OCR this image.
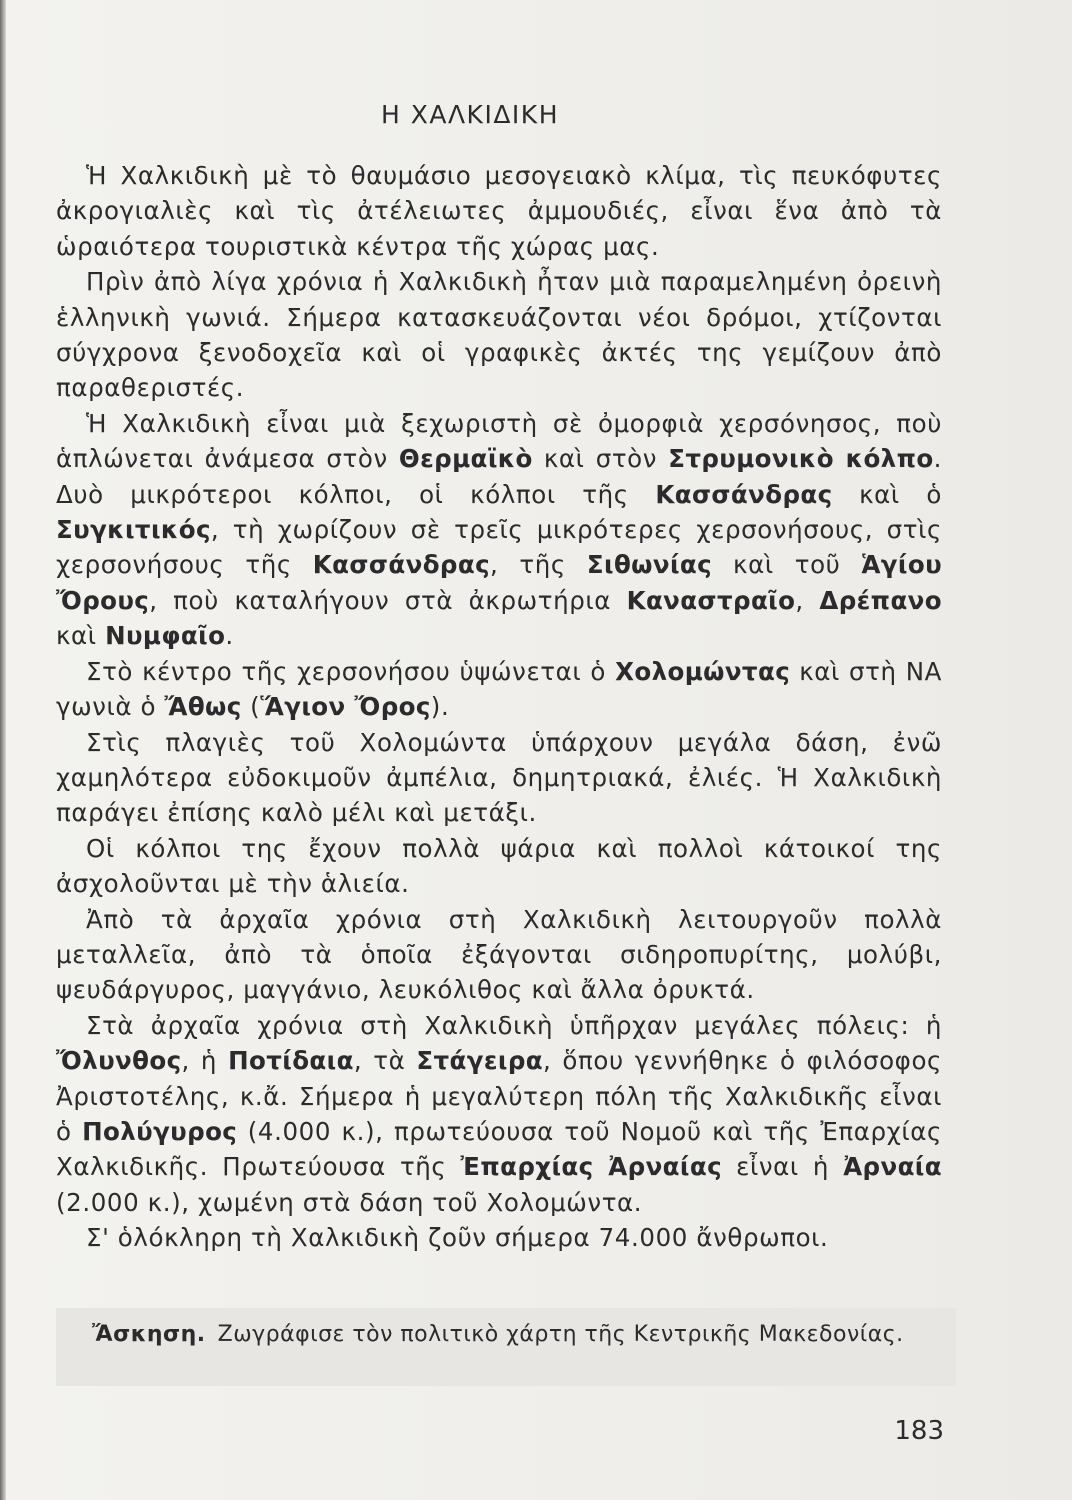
Η ΧΑΛΚΙΔΙΚΗ

Ἡ Χαλκιδικὴ μὲ τὸ θαυμάσιο μεσογειακὸ κλίμα, τὶς πευκόφυτες ἀκρογιαλιὲς καὶ τὶς ἀτέλειωτες ἀμμουδιές, εἶναι ἕνα ἀπὸ τὰ ὡραιότερα τουριστικὰ κέντρα τῆς χώρας μας.

Πρὶν ἀπὸ λίγα χρόνια ἡ Χαλκιδικὴ ἦταν μιὰ παραμελημένη ὀρεινὴ ἑλληνικὴ γωνιά. Σήμερα κατασκευάζονται νέοι δρόμοι, χτίζονται σύγχρονα ξενοδοχεῖα καὶ οἱ γραφικὲς ἀκτές της γεμίζουν ἀπὸ παραθεριστές.

Ἡ Χαλκιδικὴ εἶναι μιὰ ξεχωριστὴ σὲ ὀμορφιὰ χερσόνησος, ποὺ ἁπλώνεται ἀνάμεσα στὸν Θερμαϊκὸ καὶ στὸν Στρυμονικὸ κόλπο. Δυὸ μικρότεροι κόλποι, οἱ κόλποι τῆς Κασσάνδρας καὶ ὁ Συγκιτικός, τὴ χωρίζουν σὲ τρεῖς μικρότερες χερσονήσους, στὶς χερσονήσους τῆς Κασσάνδρας, τῆς Σιθωνίας καὶ τοῦ Ἁγίου Ὄρους, ποὺ καταλήγουν στὰ ἀκρωτήρια Καναστραῖο, Δρέπανο καὶ Νυμφαῖο.

Στὸ κέντρο τῆς χερσονήσου ὑψώνεται ὁ Χολομώντας καὶ στὴ ΝΑ γωνιὰ ὁ Ἄθως (Ἅγιον Ὄρος).

Στὶς πλαγιὲς τοῦ Χολομώντα ὑπάρχουν μεγάλα δάση, ἐνῶ χαμηλότερα εὐδοκιμοῦν ἀμπέλια, δημητριακά, ἐλιές. Ἡ Χαλκιδικὴ παράγει ἐπίσης καλὸ μέλι καὶ μετάξι.

Οἱ κόλποι της ἔχουν πολλὰ ψάρια καὶ πολλοὶ κάτοικοί της ἀσχολοῦνται μὲ τὴν ἁλιεία.

Ἀπὸ τὰ ἀρχαῖα χρόνια στὴ Χαλκιδικὴ λειτουργοῦν πολλὰ μεταλλεῖα, ἀπὸ τὰ ὁποῖα ἐξάγονται σιδηροπυρίτης, μολύβι, ψευδάργυρος, μαγγάνιο, λευκόλιθος καὶ ἄλλα ὀρυκτά.

Στὰ ἀρχαῖα χρόνια στὴ Χαλκιδικὴ ὑπῆρχαν μεγάλες πόλεις: ἡ Ὄλυνθος, ἡ Ποτίδαια, τὰ Στάγειρα, ὅπου γεννήθηκε ὁ φιλόσοφος Ἀριστοτέλης, κ.ἄ. Σήμερα ἡ μεγαλύτερη πόλη τῆς Χαλκιδικῆς εἶναι ὁ Πολύγυρος (4.000 κ.), πρωτεύουσα τοῦ Νομοῦ καὶ τῆς Ἐπαρχίας Χαλκιδικῆς. Πρωτεύουσα τῆς Ἐπαρχίας Ἀρναίας εἶναι ἡ Ἀρναία (2.000 κ.), χωμένη στὰ δάση τοῦ Χολομώντα.

Σ' ὁλόκληρη τὴ Χαλκιδικὴ ζοῦν σήμερα 74.000 ἄνθρωποι.

Ἄσκηση. Ζωγράφισε τὸν πολιτικὸ χάρτη τῆς Κεντρικῆς Μακεδονίας.
183
